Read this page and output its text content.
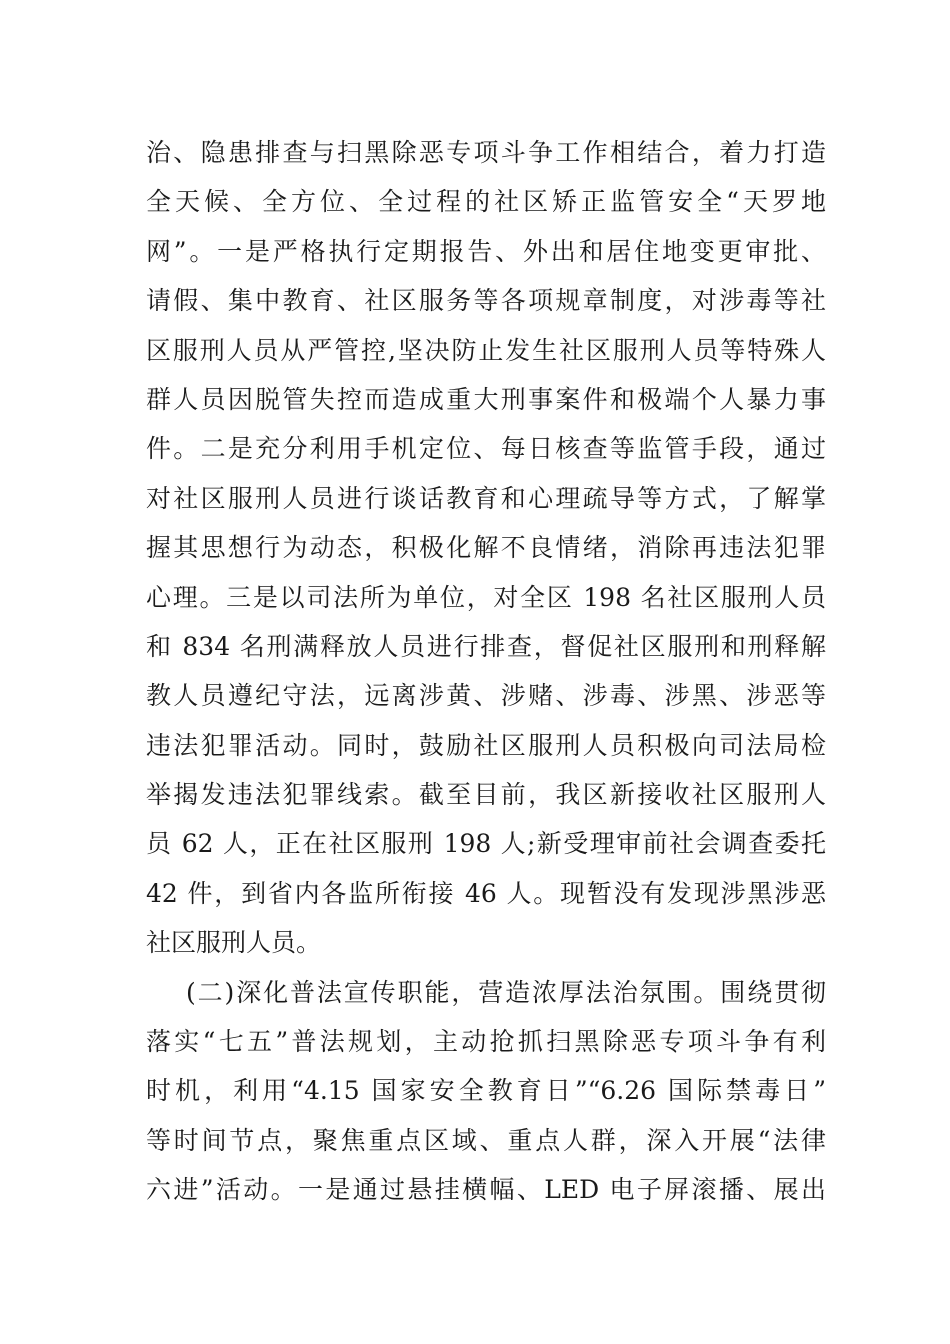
治、隐患排查与扫黑除恶专项斗争工作相结合，着力打造
全天候、全方位、全过程的社区矫正监管安全“天罗地
网”。一是严格执行定期报告、外出和居住地变更审批、
请假、集中教育、社区服务等各项规章制度，对涉毒等社
区服刑人员从严管控,坚决防止发生社区服刑人员等特殊人
群人员因脱管失控而造成重大刑事案件和极端个人暴力事
件。二是充分利用手机定位、每日核查等监管手段，通过
对社区服刑人员进行谈话教育和心理疏导等方式，了解掌
握其思想行为动态，积极化解不良情绪，消除再违法犯罪
心理。三是以司法所为单位，对全区 198 名社区服刑人员
和 834 名刑满释放人员进行排查，督促社区服刑和刑释解
教人员遵纪守法，远离涉黄、涉赌、涉毒、涉黑、涉恶等
违法犯罪活动。同时，鼓励社区服刑人员积极向司法局检
举揭发违法犯罪线索。截至目前，我区新接收社区服刑人
员 62 人，正在社区服刑 198 人;新受理审前社会调查委托
42 件，到省内各监所衔接 46 人。现暂没有发现涉黑涉恶
社区服刑人员。
(二)深化普法宣传职能，营造浓厚法治氛围。围绕贯彻
落实“七五”普法规划，主动抢抓扫黑除恶专项斗争有利
时机，利用“4.15 国家安全教育日”“6.26 国际禁毒日”
等时间节点，聚焦重点区域、重点人群，深入开展“法律
六进”活动。一是通过悬挂横幅、LED 电子屏滚播、展出
